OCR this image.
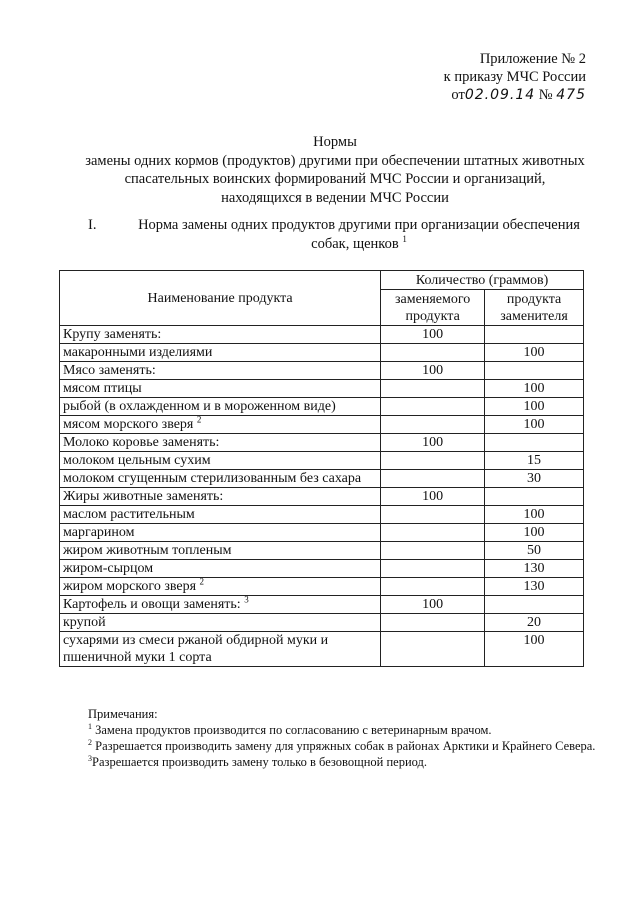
Приложение № 2
к приказу МЧС России
от02.09.14 № 475
Нормы
замены одних кормов (продуктов) другими при обеспечении штатных животных
спасательных воинских формирований МЧС России и организаций,
находящихся в ведении МЧС России
I.	Норма замены одних продуктов другими при организации обеспечения
собак, щенков $^1$
Наименование продукта	Количество (граммов)	
	заменяемого продукта	продукта заменителя
Крупу заменять:	100	
макаронными изделиями		100
Мясо заменять:	100	
мясом птицы		100
рыбой (в охлажденном и в мороженном виде)		100
мясом морского зверя $^2$		100
Молоко коровье заменять:	100	
молоком цельным сухим		15
молоком сгущенным стерилизованным без сахара		30
Жиры животные заменять:	100	
маслом растительным		100
маргарином		100
жиром животным топленым		50
жиром-сырцом		130
жиром морского зверя $^2$		130
Картофель и овощи заменять: $^3$	100	
крупой		20
сухарями из смеси ржаной обдирной муки и пшеничной муки 1 сорта		100

Примечания:

$^1$ Замена продуктов производится по согласованию с ветеринарным врачом.

$^2$ Разрешается производить замену для упряжных собак в районах Арктики и Крайнего Севера.

$^3$Разрешается производить замену только в безовощной период.
